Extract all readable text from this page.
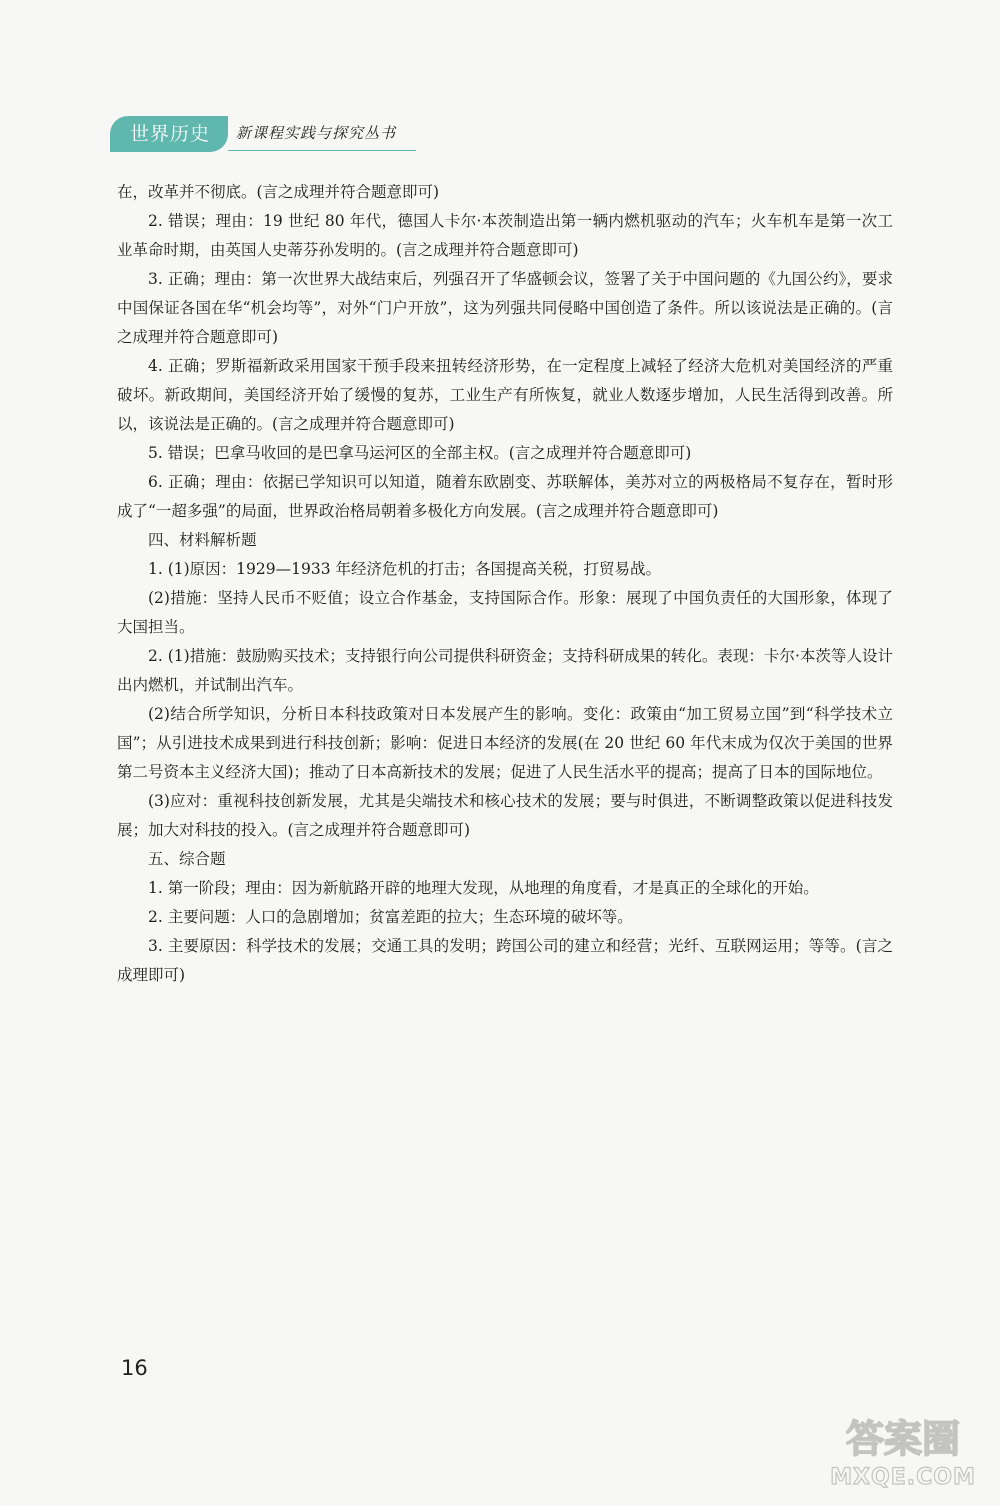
世界历史	新课程实践与探究丛书

在，改革并不彻底。(言之成理并符合题意即可)

2. 错误；理由：19 世纪 80 年代，德国人卡尔·本茨制造出第一辆内燃机驱动的汽车；火车机车是第一次工业革命时期，由英国人史蒂芬孙发明的。(言之成理并符合题意即可)

3. 正确；理由：第一次世界大战结束后，列强召开了华盛顿会议，签署了关于中国问题的《九国公约》，要求中国保证各国在华“机会均等”，对外“门户开放”，这为列强共同侵略中国创造了条件。所以该说法是正确的。(言之成理并符合题意即可)

4. 正确；罗斯福新政采用国家干预手段来扭转经济形势，在一定程度上减轻了经济大危机对美国经济的严重破坏。新政期间，美国经济开始了缓慢的复苏，工业生产有所恢复，就业人数逐步增加，人民生活得到改善。所以，该说法是正确的。(言之成理并符合题意即可)

5. 错误；巴拿马收回的是巴拿马运河区的全部主权。(言之成理并符合题意即可)

6. 正确；理由：依据已学知识可以知道，随着东欧剧变、苏联解体，美苏对立的两极格局不复存在，暂时形成了“一超多强”的局面，世界政治格局朝着多极化方向发展。(言之成理并符合题意即可)

四、材料解析题

1. (1)原因：1929—1933 年经济危机的打击；各国提高关税，打贸易战。

(2)措施：坚持人民币不贬值；设立合作基金，支持国际合作。形象：展现了中国负责任的大国形象，体现了大国担当。

2. (1)措施：鼓励购买技术；支持银行向公司提供科研资金；支持科研成果的转化。表现：卡尔·本茨等人设计出内燃机，并试制出汽车。

(2)结合所学知识，分析日本科技政策对日本发展产生的影响。变化：政策由“加工贸易立国”到“科学技术立国”；从引进技术成果到进行科技创新；影响：促进日本经济的发展(在 20 世纪 60 年代末成为仅次于美国的世界第二号资本主义经济大国)；推动了日本高新技术的发展；促进了人民生活水平的提高；提高了日本的国际地位。

(3)应对：重视科技创新发展，尤其是尖端技术和核心技术的发展；要与时俱进，不断调整政策以促进科技发展；加大对科技的投入。(言之成理并符合题意即可)

五、综合题

1. 第一阶段；理由：因为新航路开辟的地理大发现，从地理的角度看，才是真正的全球化的开始。

2. 主要问题：人口的急剧增加；贫富差距的拉大；生态环境的破坏等。

3. 主要原因：科学技术的发展；交通工具的发明；跨国公司的建立和经营；光纤、互联网运用；等等。(言之成理即可)

16
答案圈
MXQE.COM
